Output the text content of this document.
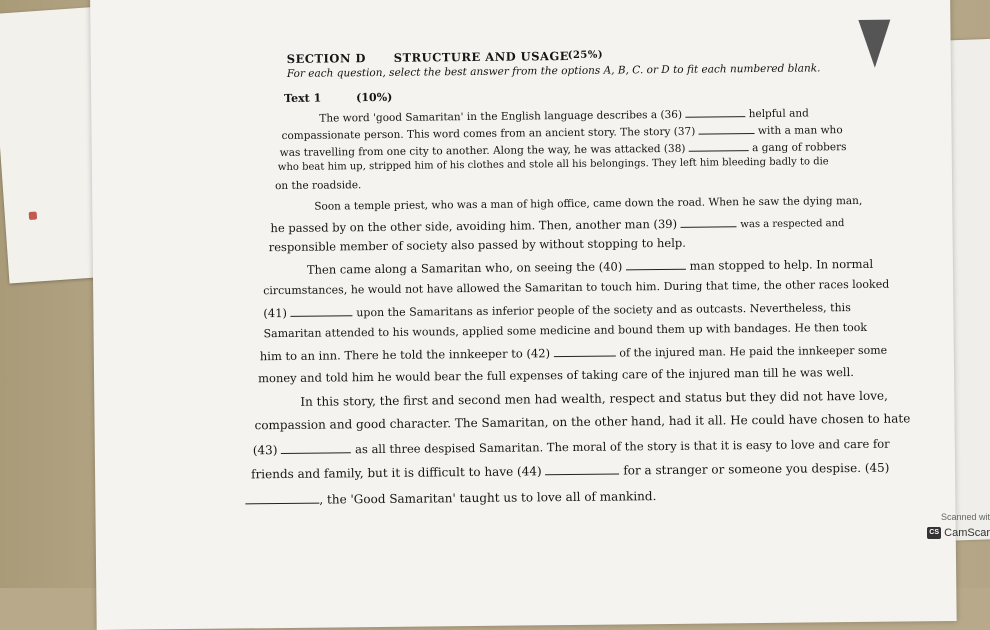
SECTION D STRUCTURE AND USAGE
(25%)
For each question, select the best answer from the options A, B, C. or D to fit each numbered blank.
Text 1	(10%)
The word 'good Samaritan' in the English language describes a (36)	helpful and
compassionate person. This word comes from an ancient story. The story (37)	with a man who
was travelling from one city to another. Along the way, he was attacked (38)	a gang of robbers
who beat him up, stripped him of his clothes and stole all his belongings. They left him bleeding badly to die
on the roadside.
Soon a temple priest, who was a man of high office, came down the road. When he saw the dying man,
he passed by on the other side, avoiding him. Then, another man (39)	was a respected and
responsible member of society also passed by without stopping to help.
Then came along a Samaritan who, on seeing the (40)	man stopped to help. In normal
circumstances, he would not have allowed the Samaritan to touch him. During that time, the other races looked
(41)	upon the Samaritans as inferior people of the society and as outcasts. Nevertheless, this
Samaritan attended to his wounds, applied some medicine and bound them up with bandages. He then took
him to an inn. There he told the innkeeper to (42)	of the injured man. He paid the innkeeper some
money and told him he would bear the full expenses of taking care of the injured man till he was well.
In this story, the first and second men had wealth, respect and status but they did not have love,
compassion and good character. The Samaritan, on the other hand, had it all. He could have chosen to hate
(43)	as all three despised Samaritan. The moral of the story is that it is easy to love and care for
friends and family, but it is difficult to have (44)	for a stranger or someone you despise. (45)
, the 'Good Samaritan' taught us to love all of mankind.
Scanned wit
CS CamScar
